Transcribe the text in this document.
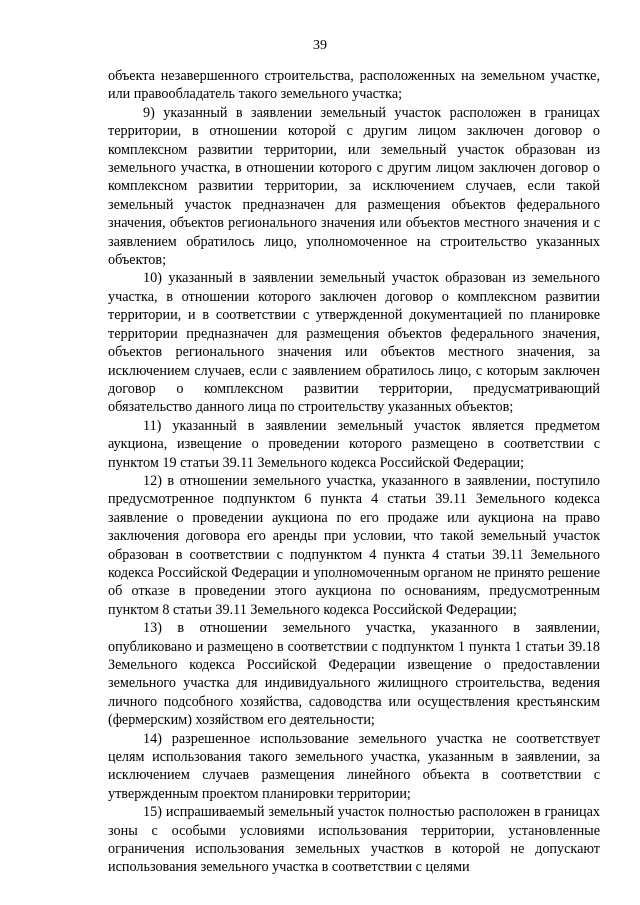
39

объекта незавершенного строительства, расположенных на земельном участке, или правообладатель такого земельного участка;

9) указанный в заявлении земельный участок расположен в границах территории, в отношении которой с другим лицом заключен договор о комплексном развитии территории, или земельный участок образован из земельного участка, в отношении которого с другим лицом заключен договор о комплексном развитии территории, за исключением случаев, если такой земельный участок предназначен для размещения объектов федерального значения, объектов регионального значения или объектов местного значения и с заявлением обратилось лицо, уполномоченное на строительство указанных объектов;

10) указанный в заявлении земельный участок образован из земельного участка, в отношении которого заключен договор о комплексном развитии территории, и в соответствии с утвержденной документацией по планировке территории предназначен для размещения объектов федерального значения, объектов регионального значения или объектов местного значения, за исключением случаев, если с заявлением обратилось лицо, с которым заключен договор о комплексном развитии территории, предусматривающий обязательство данного лица по строительству указанных объектов;

11) указанный в заявлении земельный участок является предметом аукциона, извещение о проведении которого размещено в соответствии с пунктом 19 статьи 39.11 Земельного кодекса Российской Федерации;

12) в отношении земельного участка, указанного в заявлении, поступило предусмотренное подпунктом 6 пункта 4 статьи 39.11 Земельного кодекса заявление о проведении аукциона по его продаже или аукциона на право заключения договора его аренды при условии, что такой земельный участок образован в соответствии с подпунктом 4 пункта 4 статьи 39.11 Земельного кодекса Российской Федерации и уполномоченным органом не принято решение об отказе в проведении этого аукциона по основаниям, предусмотренным пунктом 8 статьи 39.11 Земельного кодекса Российской Федерации;

13) в отношении земельного участка, указанного в заявлении, опубликовано и размещено в соответствии с подпунктом 1 пункта 1 статьи 39.18 Земельного кодекса Российской Федерации извещение о предоставлении земельного участка для индивидуального жилищного строительства, ведения личного подсобного хозяйства, садоводства или осуществления крестьянским (фермерским) хозяйством его деятельности;

14) разрешенное использование земельного участка не соответствует целям использования такого земельного участка, указанным в заявлении, за исключением случаев размещения линейного объекта в соответствии с утвержденным проектом планировки территории;

15) испрашиваемый земельный участок полностью расположен в границах зоны с особыми условиями использования территории, установленные ограничения использования земельных участков в которой не допускают использования земельного участка в соответствии с целями
